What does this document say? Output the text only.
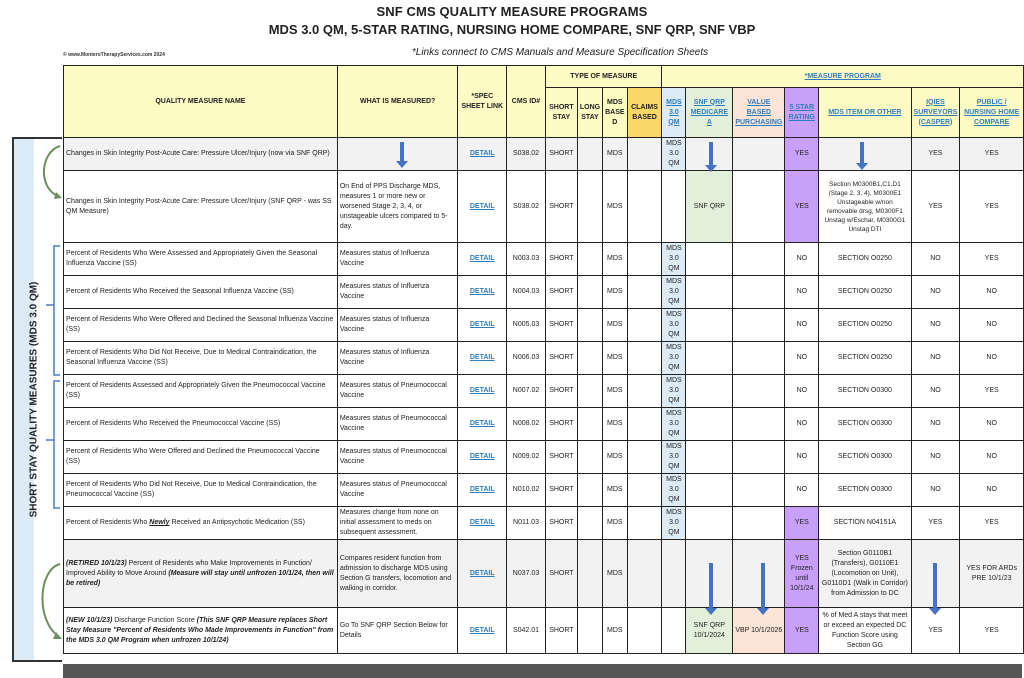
SNF CMS QUALITY MEASURE PROGRAMS
MDS 3.0 QM, 5-STAR RATING, NURSING HOME COMPARE, SNF QRP, SNF VBP
© www.MonteroTherapyServices.com 2024	*Links connect to CMS Manuals and Measure Specification Sheets
SHORT STAY QUALITY MEASURES (MDS 3.0 QM)
QUALITY MEASURE NAME	WHAT IS MEASURED?	*SPEC SHEET LINK	CMS ID#	TYPE OF MEASURE				*MEASURE PROGRAM						
				SHORT STAY	LONG STAY	MDS BASE D	CLAIMS BASED	MDS 3.0 QM	SNF QRP MEDICARE A	VALUE BASED PURCHASING	5 STAR RATING	MDS ITEM OR OTHER	IQIES SURVEYORS (CASPER)	PUBLIC / NURSING HOME COMPARE
Changes in Skin Integrity Post-Acute Care: Pressure Ulcer/Injury (now via SNF QRP)		DETAIL	S038.02	SHORT		MDS		MDS 3.0 QM			YES		YES	YES
Changes in Skin Integrity Post-Acute Care: Pressure Ulcer/Injury (SNF QRP - was SS QM Measure)	On End of PPS Discharge MDS, measures 1 or more new or worsened Stage 2, 3, 4, or unstageable ulcers compared to 5-day.	DETAIL	S038.02	SHORT		MDS			SNF QRP		YES	Section M0300B1,C1,D1 (Stage 2, 3, 4), M0300E1 Unstageable w/non removable drsg, M0300F1 Unstag w/Eschar, M0300G1 Unstag DTI	YES	YES
Percent of Residents Who Were Assessed and Appropriately Given the Seasonal Influenza Vaccine (SS)	Measures status of Influenza Vaccine	DETAIL	N003.03	SHORT		MDS		MDS 3.0 QM			NO	SECTION O0250	NO	YES
Percent of Residents Who Received the Seasonal Influenza Vaccine (SS)	Measures status of Influenza Vaccine	DETAIL	N004.03	SHORT		MDS		MDS 3.0 QM			NO	SECTION O0250	NO	NO
Percent of Residents Who Were Offered and Declined the Seasonal Influenza Vaccine (SS)	Measures status of Influenza Vaccine	DETAIL	N005.03	SHORT		MDS		MDS 3.0 QM			NO	SECTION O0250	NO	NO
Percent of Residents Who Did Not Receive, Due to Medical Contraindication, the Seasonal Influenza Vaccine (SS)	Measures status of Influenza Vaccine	DETAIL	N006.03	SHORT		MDS		MDS 3.0 QM			NO	SECTION O0250	NO	NO
Percent of Residents Assessed and Appropriately Given the Pneumococcal Vaccine (SS)	Measures status of Pneumococcal Vaccine	DETAIL	N007.02	SHORT		MDS		MDS 3.0 QM			NO	SECTION O0300	NO	YES
Percent of Residents Who Received the Pneumococcal Vaccine (SS)	Measures status of Pneumococcal Vaccine	DETAIL	N008.02	SHORT		MDS		MDS 3.0 QM			NO	SECTION O0300	NO	NO
Percent of Residents Who Were Offered and Declined the Pneumococcal Vaccine (SS)	Measures status of Pneumococcal Vaccine	DETAIL	N009.02	SHORT		MDS		MDS 3.0 QM			NO	SECTION O0300	NO	NO
Percent of Residents Who Did Not Receive, Due to Medical Contraindication, the Pneumococcal Vaccine (SS)	Measures status of Pneumococcal Vaccine	DETAIL	N010.02	SHORT		MDS		MDS 3.0 QM			NO	SECTION O0300	NO	NO
Percent of Residents Who Newly Received an Antipsychotic Medication (SS)	Measures change from none on initial assessment to meds on subsequent assessment.	DETAIL	N011.03	SHORT		MDS		MDS 3.0 QM			YES	SECTION N04151A	YES	YES
(RETIRED 10/1/23) Percent of Residents who Make Improvements in Function/ Improved Ability to Move Around (Measure will stay until unfrozen 10/1/24, then will be retired)	Compares resident function from admission to discharge MDS using Section G transfers, locomotion and walking in corridor.	DETAIL	N037.03	SHORT		MDS					YES Frozen until 10/1/24	Section G0110B1 (Transfers), G0110E1 (Locomotion on Unit), G0110D1 (Walk in Corridor) from Admission to DC		YES FOR ARDs PRE 10/1/23
(NEW 10/1/23) Discharge Function Score (This SNF QRP Measure replaces Short Stay Measure "Percent of Residents Who Made Improvements in Function" from the MDS 3.0 QM Program when unfrozen 10/1/24)	Go To SNF QRP Section Below for Details	DETAIL	S042.01	SHORT		MDS			SNF QRP 10/1/2024	VBP 10/1/2026	YES	% of Med A stays that meet or exceed an expected DC Function Score using Section GG	YES	YES
